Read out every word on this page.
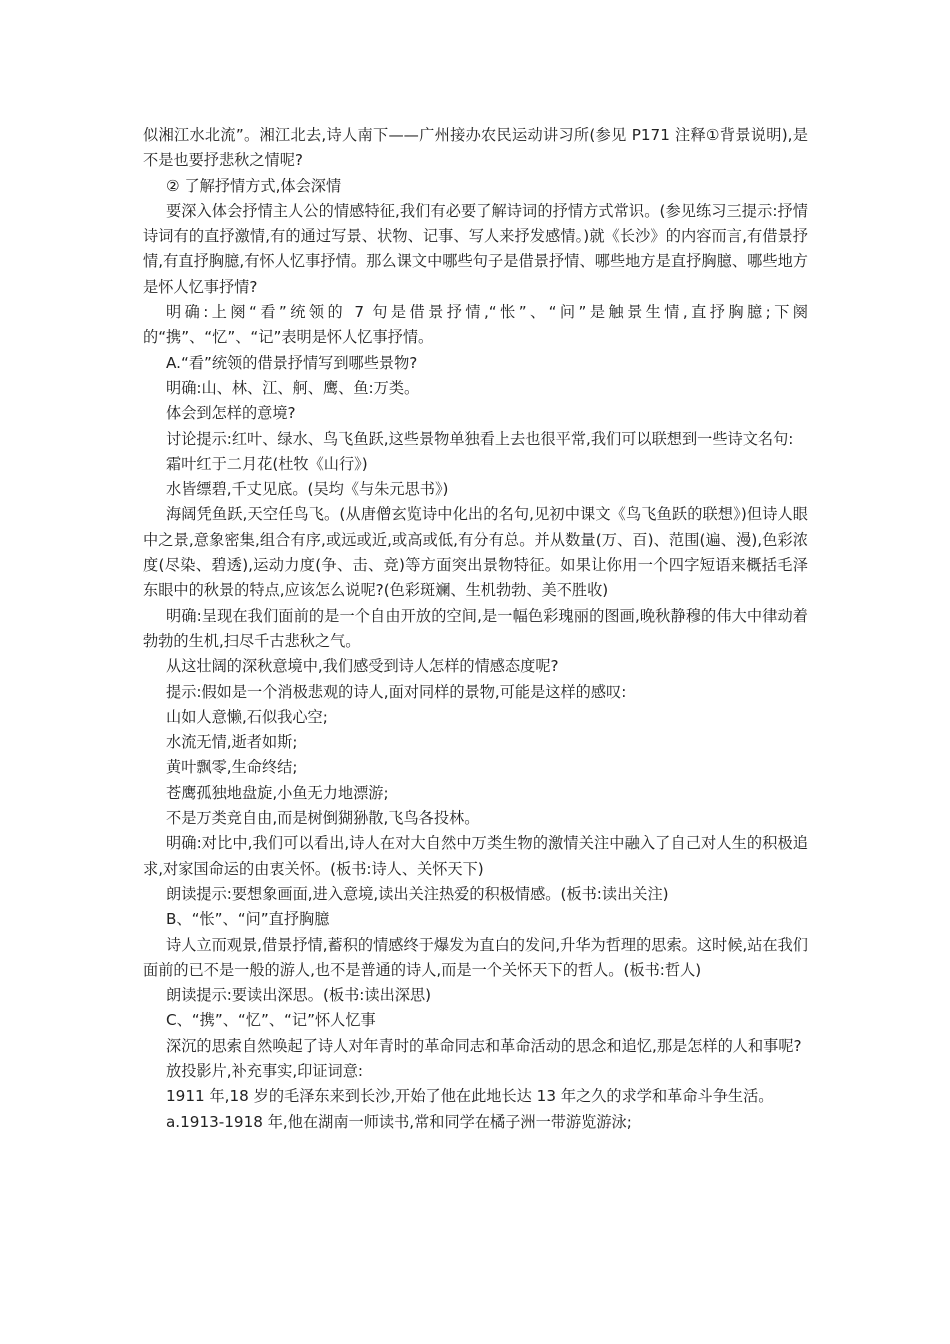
似湘江水北流”。湘江北去,诗人南下——广州接办农民运动讲习所(参见 P171 注释①背景说明),是不是也要抒悲秋之情呢?

② 了解抒情方式,体会深情

要深入体会抒情主人公的情感特征,我们有必要了解诗词的抒情方式常识。(参见练习三提示:抒情诗词有的直抒激情,有的通过写景、状物、记事、写人来抒发感情。)就《长沙》的内容而言,有借景抒情,有直抒胸臆,有怀人忆事抒情。那么课文中哪些句子是借景抒情、哪些地方是直抒胸臆、哪些地方是怀人忆事抒情?

明确:上阕“看”统领的 7 句是借景抒情,“怅”、“问”是触景生情,直抒胸臆;下阕的“携”、“忆”、“记”表明是怀人忆事抒情。

A.“看”统领的借景抒情写到哪些景物?

明确:山、林、江、舸、鹰、鱼:万类。

体会到怎样的意境?

讨论提示:红叶、绿水、鸟飞鱼跃,这些景物单独看上去也很平常,我们可以联想到一些诗文名句:

霜叶红于二月花(杜牧《山行》)

水皆缥碧,千丈见底。(吴均《与朱元思书》)

海阔凭鱼跃,天空任鸟飞。(从唐僧玄览诗中化出的名句,见初中课文《鸟飞鱼跃的联想》)但诗人眼中之景,意象密集,组合有序,或远或近,或高或低,有分有总。并从数量(万、百)、范围(遍、漫),色彩浓度(尽染、碧透),运动力度(争、击、竞)等方面突出景物特征。如果让你用一个四字短语来概括毛泽东眼中的秋景的特点,应该怎么说呢?(色彩斑斓、生机勃勃、美不胜收)

明确:呈现在我们面前的是一个自由开放的空间,是一幅色彩瑰丽的图画,晚秋静穆的伟大中律动着勃勃的生机,扫尽千古悲秋之气。

从这壮阔的深秋意境中,我们感受到诗人怎样的情感态度呢?

提示:假如是一个消极悲观的诗人,面对同样的景物,可能是这样的感叹:

山如人意懒,石似我心空;

水流无情,逝者如斯;

黄叶飘零,生命终结;

苍鹰孤独地盘旋,小鱼无力地漂游;

不是万类竞自由,而是树倒猢狲散,飞鸟各投林。

明确:对比中,我们可以看出,诗人在对大自然中万类生物的激情关注中融入了自己对人生的积极追求,对家国命运的由衷关怀。(板书:诗人、关怀天下)

朗读提示:要想象画面,进入意境,读出关注热爱的积极情感。(板书:读出关注)

B、“怅”、“问”直抒胸臆

诗人立而观景,借景抒情,蓄积的情感终于爆发为直白的发问,升华为哲理的思索。这时候,站在我们面前的已不是一般的游人,也不是普通的诗人,而是一个关怀天下的哲人。(板书:哲人)

朗读提示:要读出深思。(板书:读出深思)

C、“携”、“忆”、“记”怀人忆事

深沉的思索自然唤起了诗人对年青时的革命同志和革命活动的思念和追忆,那是怎样的人和事呢?

放投影片,补充事实,印证词意:

1911 年,18 岁的毛泽东来到长沙,开始了他在此地长达 13 年之久的求学和革命斗争生活。

a.1913-1918 年,他在湖南一师读书,常和同学在橘子洲一带游览游泳;
